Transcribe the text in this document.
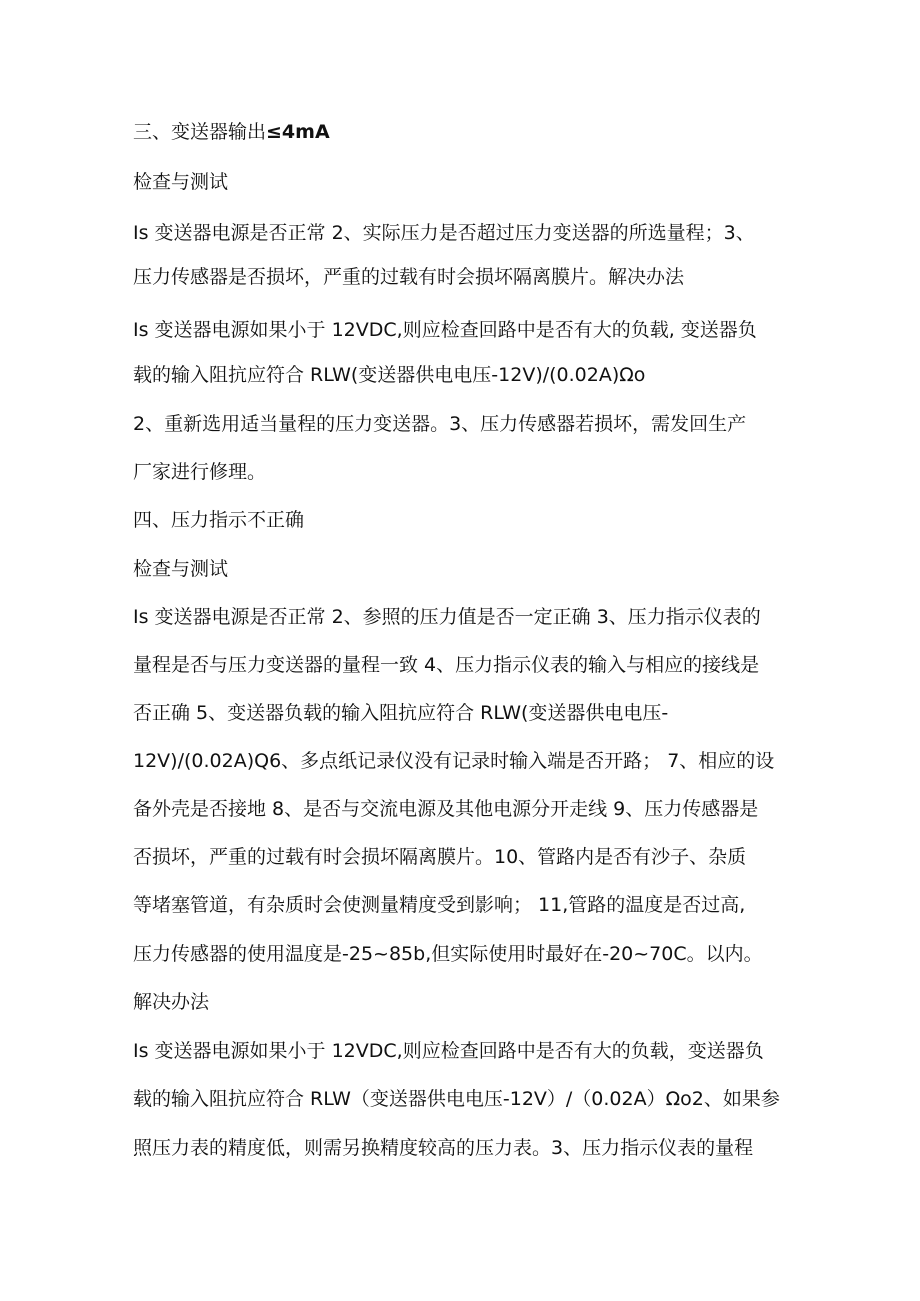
三、变送器输出≤4mA
检查与测试
Is 变送器电源是否正常 2、实际压力是否超过压力变送器的所选量程；3、
压力传感器是否损坏，严重的过载有时会损坏隔离膜片。解决办法
Is 变送器电源如果小于 12VDC,则应检查回路中是否有大的负载, 变送器负
载的输入阻抗应符合 RLW(变送器供电电压-12V)∕(0.02A)Ωo
2、重新选用适当量程的压力变送器。3、压力传感器若损坏，需发回生产
厂家进行修理。
四、压力指示不正确
检查与测试
Is 变送器电源是否正常 2、参照的压力值是否一定正确 3、压力指示仪表的
量程是否与压力变送器的量程一致 4、压力指示仪表的输入与相应的接线是
否正确 5、变送器负载的输入阻抗应符合 RLW(变送器供电电压-
12V)∕(0.02A)Q6、多点纸记录仪没有记录时输入端是否开路； 7、相应的设
备外壳是否接地 8、是否与交流电源及其他电源分开走线 9、压力传感器是
否损坏，严重的过载有时会损坏隔离膜片。10、管路内是否有沙子、杂质
等堵塞管道，有杂质时会使测量精度受到影响； 11,管路的温度是否过高,
压力传感器的使用温度是-25~85b,但实际使用时最好在-20~70C。以内。
解决办法
Is 变送器电源如果小于 12VDC,则应检查回路中是否有大的负载，变送器负
载的输入阻抗应符合 RLW（变送器供电电压-12V）/（0.02A）Ωo2、如果参
照压力表的精度低，则需另换精度较高的压力表。3、压力指示仪表的量程
